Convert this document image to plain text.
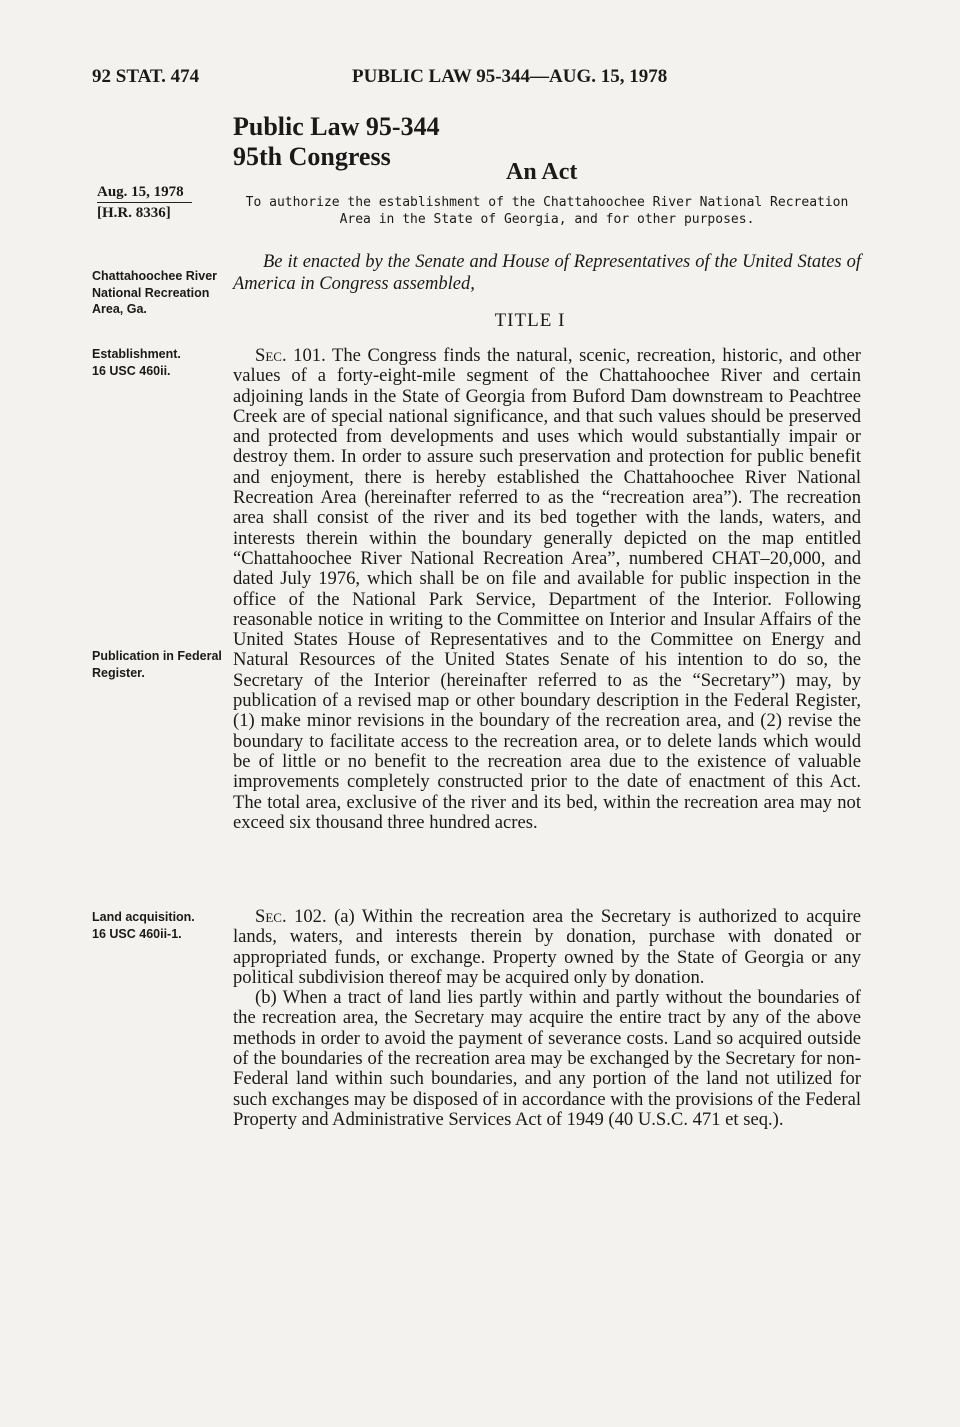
92 STAT. 474	PUBLIC LAW 95-344—AUG. 15, 1978
Public Law 95-344
95th Congress
An Act
Aug. 15, 1978
[H.R. 8336]
To authorize the establishment of the Chattahoochee River National Recreation
Area in the State of Georgia, and for other purposes.
Be it enacted by the Senate and House of Representatives of the United States of America in Congress assembled,
Chattahoochee River National Recreation Area, Ga.
Establishment.
16 USC 460ii.
TITLE I

Sec. 101. The Congress finds the natural, scenic, recreation, historic, and other values of a forty-eight-mile segment of the Chattahoochee River and certain adjoining lands in the State of Georgia from Buford Dam downstream to Peachtree Creek are of special national significance, and that such values should be preserved and protected from developments and uses which would substantially impair or destroy them. In order to assure such preservation and protection for public benefit and enjoyment, there is hereby established the Chattahoochee River National Recreation Area (hereinafter referred to as the “recreation area”). The recreation area shall consist of the river and its bed together with the lands, waters, and interests therein within the boundary generally depicted on the map entitled “Chattahoochee River National Recreation Area”, numbered CHAT–20,000, and dated July 1976, which shall be on file and available for public inspection in the office of the National Park Service, Department of the Interior. Following reasonable notice in writing to the Committee on Interior and Insular Affairs of the United States House of Representatives and to the Committee on Energy and Natural Resources of the United States Senate of his intention to do so, the Secretary of the Interior (hereinafter referred to as the “Secretary”) may, by publication of a revised map or other boundary description in the Federal Register, (1) make minor revisions in the boundary of the recreation area, and (2) revise the boundary to facilitate access to the recreation area, or to delete lands which would be of little or no benefit to the recreation area due to the existence of valuable improvements completely constructed prior to the date of enactment of this Act. The total area, exclusive of the river and its bed, within the recreation area may not exceed six thousand three hundred acres.

Publication in Federal Register.
Land acquisition.
16 USC 460ii-1.

Sec. 102. (a) Within the recreation area the Secretary is authorized to acquire lands, waters, and interests therein by donation, purchase with donated or appropriated funds, or exchange. Property owned by the State of Georgia or any political subdivision thereof may be acquired only by donation.

(b) When a tract of land lies partly within and partly without the boundaries of the recreation area, the Secretary may acquire the entire tract by any of the above methods in order to avoid the payment of severance costs. Land so acquired outside of the boundaries of the recreation area may be exchanged by the Secretary for non-Federal land within such boundaries, and any portion of the land not utilized for such exchanges may be disposed of in accordance with the provisions of the Federal Property and Administrative Services Act of 1949 (40 U.S.C. 471 et seq.).
